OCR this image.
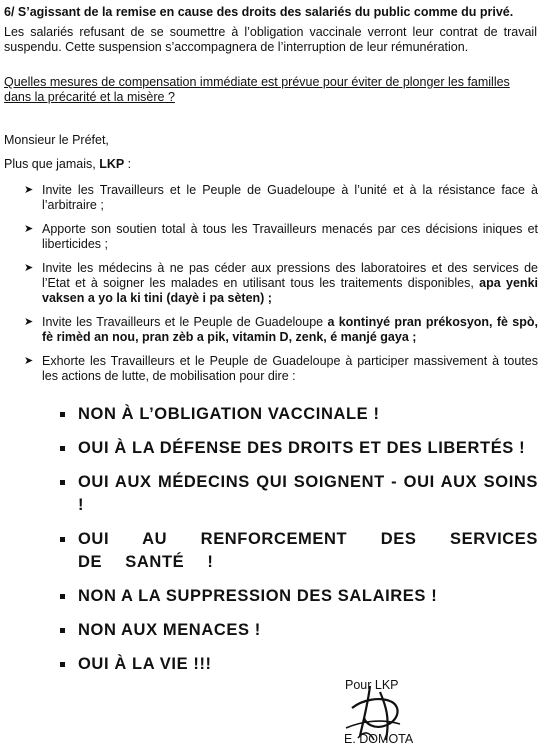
6/ S’agissant de la remise en cause des droits des salariés du public comme du privé.

Les salariés refusant de se soumettre à l’obligation vaccinale verront leur contrat de travail suspendu. Cette suspension s’accompagnera de l’interruption de leur rémunération.

Quelles mesures de compensation immédiate est prévue pour éviter de plonger les familles dans la précarité et la misère ?

Monsieur le Préfet,

Plus que jamais, LKP :

➤ Invite les Travailleurs et le Peuple de Guadeloupe à l’unité et à la résistance face à l’arbitraire ;
➤ Apporte son soutien total à tous les Travailleurs menacés par ces décisions iniques et liberticides ;
➤ Invite les médecins à ne pas céder aux pressions des laboratoires et des services de l’Etat et à soigner les malades en utilisant tous les traitements disponibles, apa yenki vaksen a yo la ki tini (dayè i pa sèten) ;
➤ Invite les Travailleurs et le Peuple de Guadeloupe a kontinyé pran prékosyon, fè spò, fè rimèd an nou, pran zèb a pik, vitamin D, zenk, é manjé gaya ;
➤ Exhorte les Travailleurs et le Peuple de Guadeloupe à participer massivement à toutes les actions de lutte, de mobilisation pour dire :
NON À L’OBLIGATION VACCINALE !
OUI À LA DÉFENSE DES DROITS ET DES LIBERTÉS !
OUI AUX MÉDECINS QUI SOIGNENT - OUI AUX SOINS !
OUI AU RENFORCEMENT DES SERVICES DE SANTÉ !
NON A LA SUPPRESSION DES SALAIRES !
NON AUX MENACES !
OUI À LA VIE !!!
Pour LKP
E. DOMOTA
